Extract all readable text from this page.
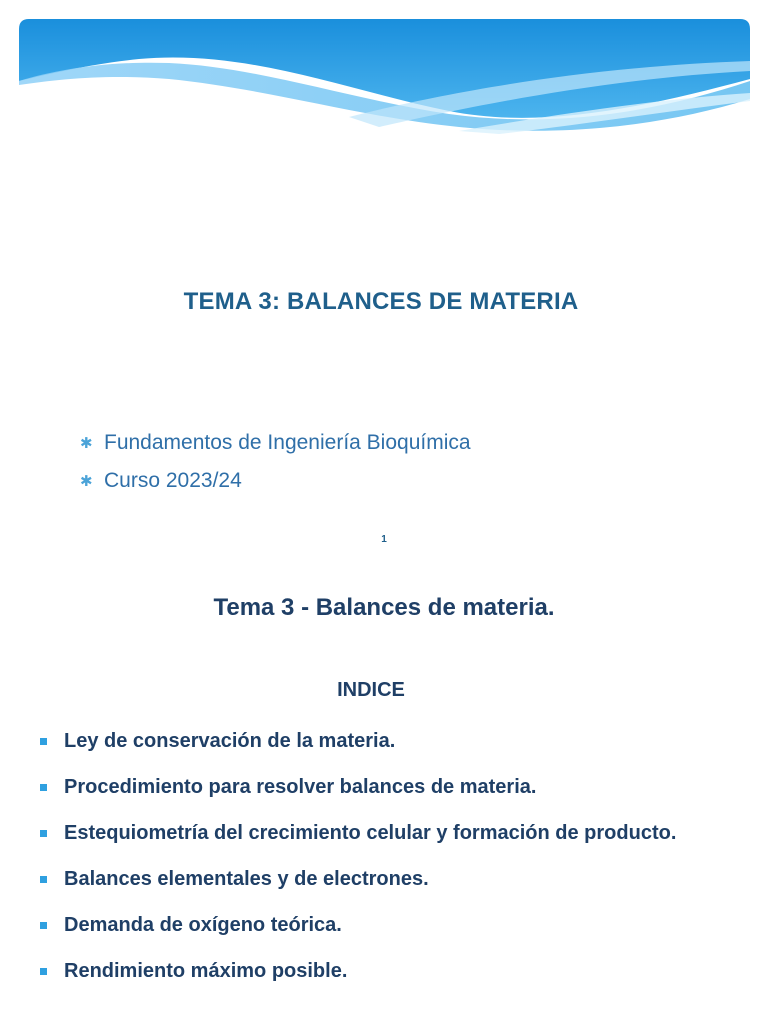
TEMA 3: BALANCES DE MATERIA
✱ Fundamentos de Ingeniería Bioquímica
✱ Curso 2023/24
1
Tema 3 - Balances de materia.
INDICE
Ley de conservación de la materia.
Procedimiento para resolver balances de materia.
Estequiometría del crecimiento celular y formación de producto.
Balances elementales y de electrones.
Demanda de oxígeno teórica.
Rendimiento máximo posible.
